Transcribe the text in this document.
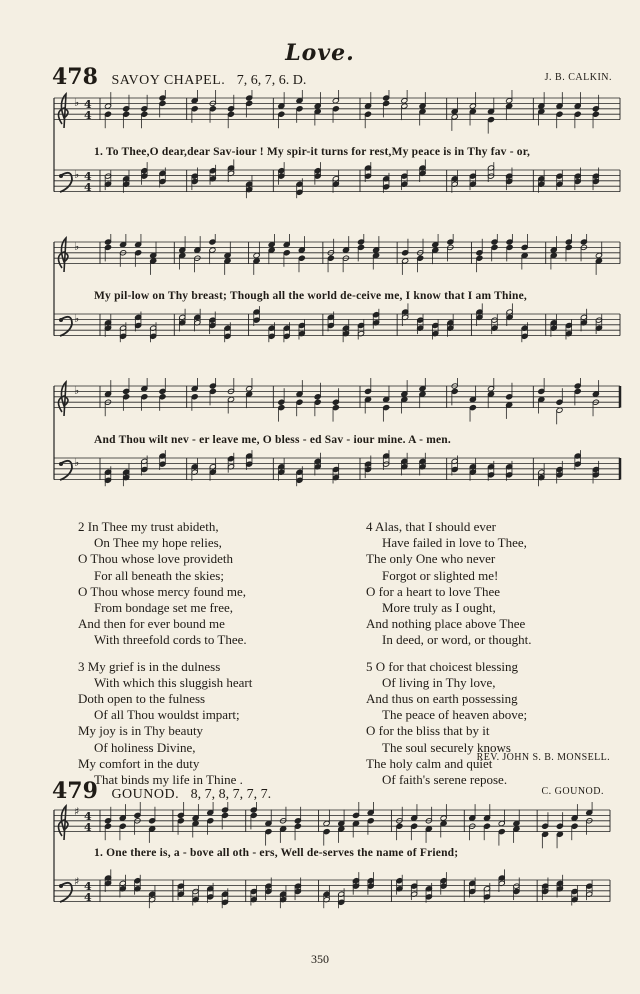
Love.
478 SAVOY CHAPEL. 7, 6, 7, 6. D.	J. B. CALKIN.
♭ 4
4
♭ 4
4
1. To Thee,O dear,dear Sav-iour ! My spir-it turns for rest,My peace is in Thy fav - or,
♭
♭
My pil-low on Thy breast; Though all the world de-ceive me, I know that I am Thine,
♭
♭
And Thou wilt nev - er leave me, O bless - ed Sav - iour mine. A - men.
2 In Thee my trust abideth,
On Thee my hope relies,
O Thou whose love provideth
For all beneath the skies;
O Thou whose mercy found me,
From bondage set me free,
And then for ever bound me
With threefold cords to Thee.
3 My grief is in the dulness
With which this sluggish heart
Doth open to the fulness
Of all Thou wouldst impart;
My joy is in Thy beauty
Of holiness Divine,
My comfort in the duty
That binds my life in Thine .
4 Alas, that I should ever
Have failed in love to Thee,
The only One who never
Forgot or slighted me!
O for a heart to love Thee
More truly as I ought,
And nothing place above Thee
In deed, or word, or thought.
5 O for that choicest blessing
Of living in Thy love,
And thus on earth possessing
The peace of heaven above;
O for the bliss that by it
The soul securely knows
The holy calm and quiet
Of faith's serene repose.
REV. JOHN S. B. MONSELL.
479 GOUNOD. 8, 7, 8, 7, 7, 7.	C. GOUNOD.
♯ 4
4
♯ 4
4
1. One there is, a - bove all oth - ers, Well de-serves the name of Friend;
350
